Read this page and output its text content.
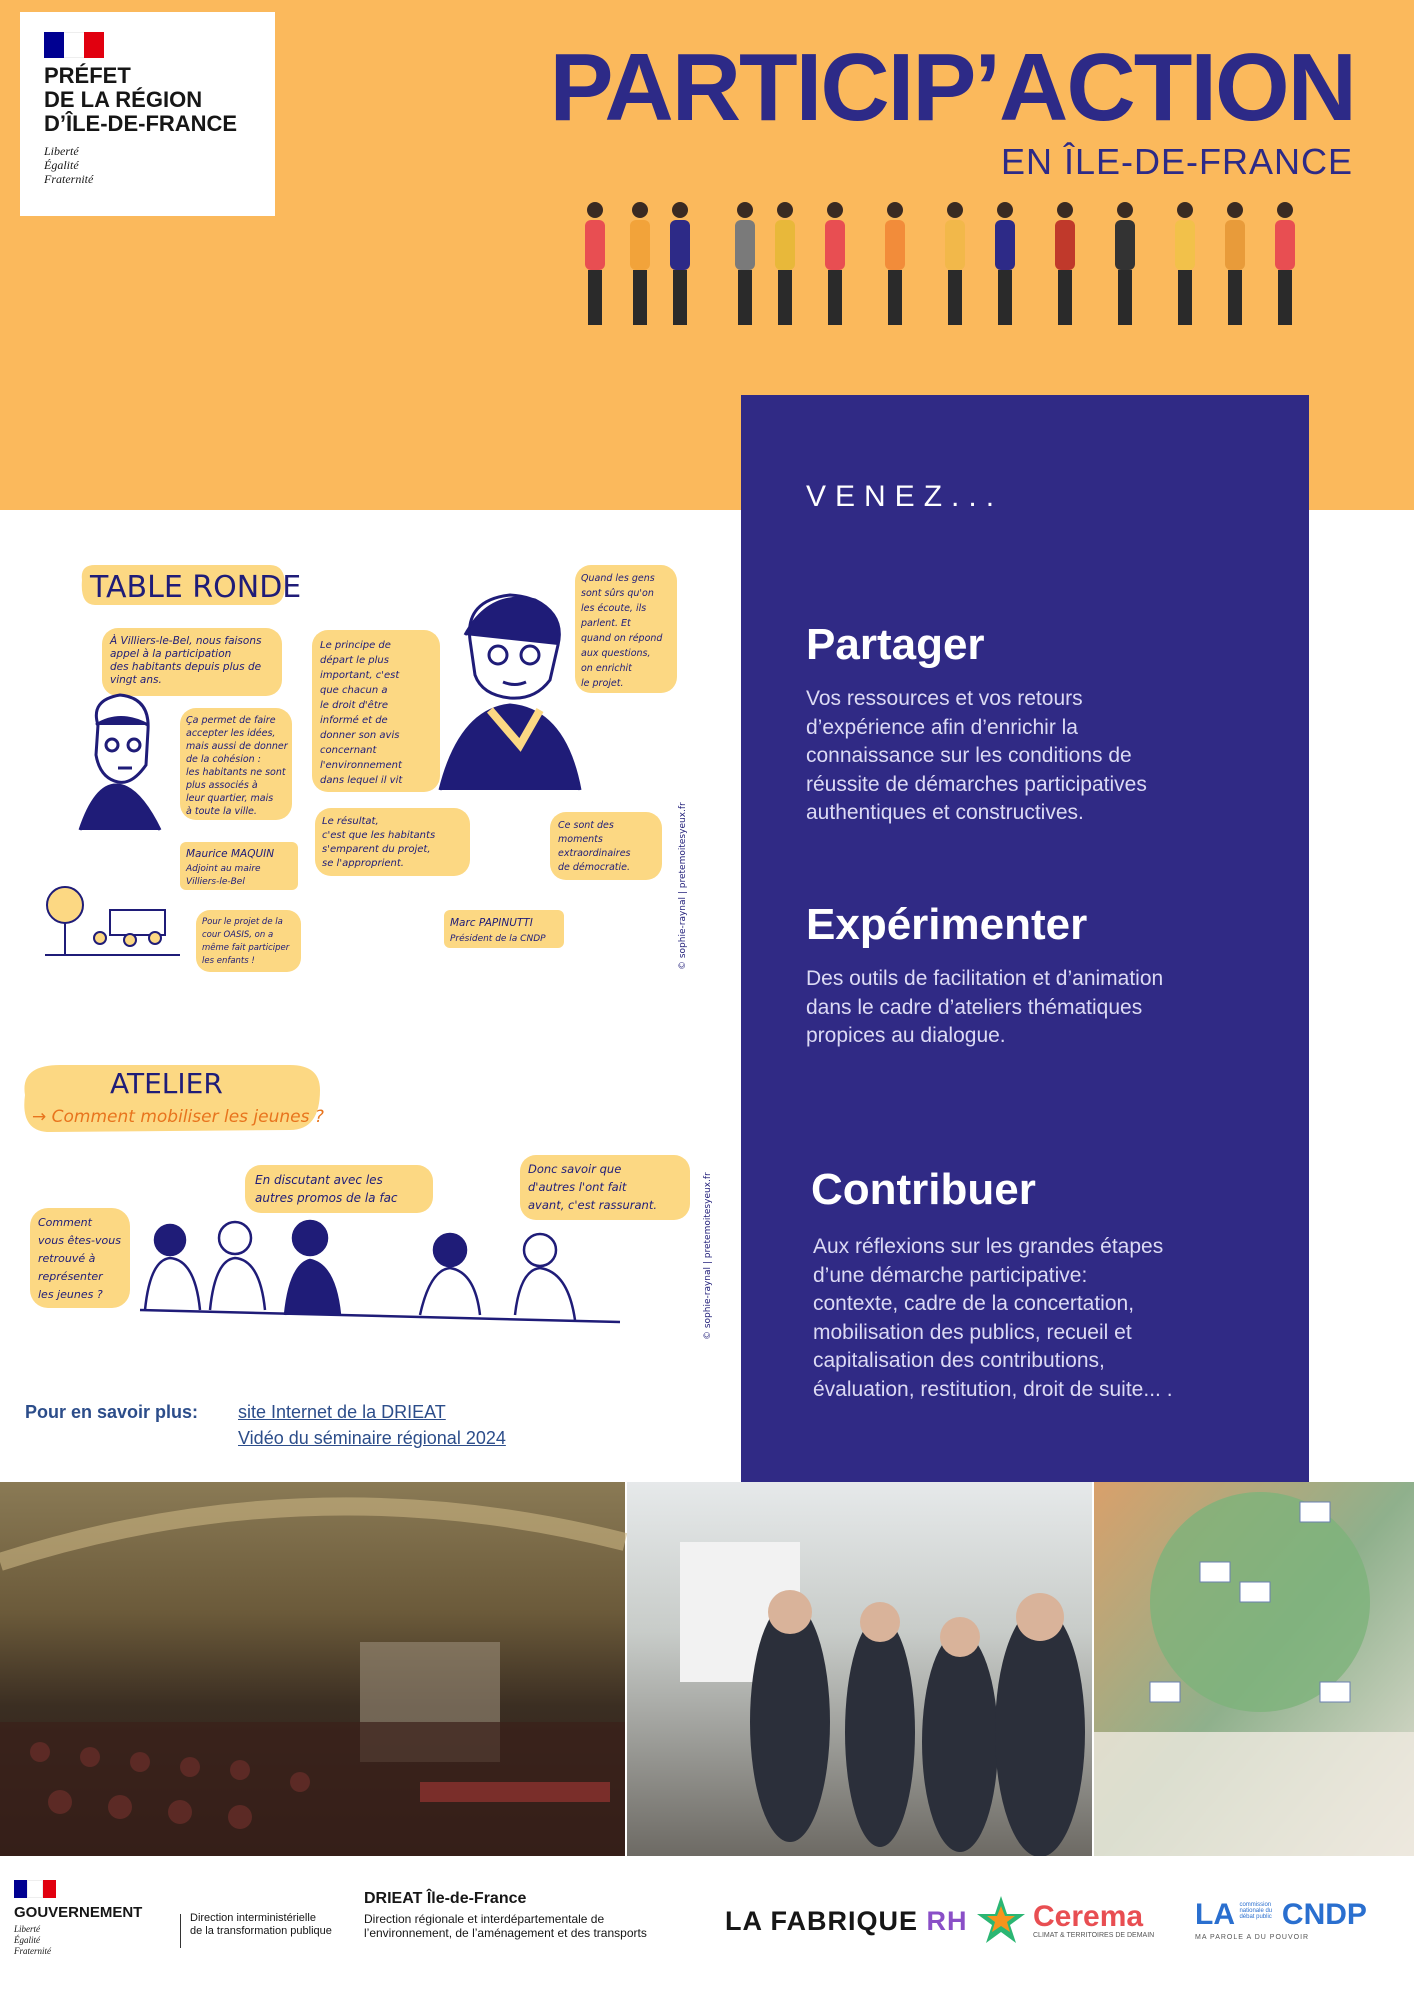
PRÉFET
DE LA RÉGION
D’ÎLE-DE-FRANCE
Liberté
Égalité
Fraternité
PARTICIP’ACTION
EN ÎLE-DE-FRANCE
VENEZ...
Partager
Vos ressources et vos retours
d’expérience afin d’enrichir la
connaissance sur les conditions de
réussite de démarches participatives
authentiques et constructives.
Expérimenter
Des outils de facilitation et d’animation
dans le cadre d’ateliers thématiques
propices au dialogue.
Contribuer
Aux réflexions sur les grandes étapes
d’une démarche participative:
contexte, cadre de la concertation,
mobilisation des publics, recueil et
capitalisation des contributions,
évaluation, restitution, droit de suite... .
TABLE RONDE
À Villiers-le-Bel, nous faisons
appel à la participation
des habitants depuis plus de
vingt ans.
Ça permet de faire
accepter les idées,
mais aussi de donner
de la cohésion :
les habitants ne sont
plus associés à
leur quartier, mais
à toute la ville.
Le principe de
départ le plus
important, c'est
que chacun a
le droit d'être
informé et de
donner son avis
concernant
l'environnement
dans lequel il vit
Quand les gens
sont sûrs qu'on
les écoute, ils
parlent. Et
quand on répond
aux questions,
on enrichit
le projet.
Le résultat,
c'est que les habitants
s'emparent du projet,
se l'approprient.
Ce sont des
moments
extraordinaires
de démocratie.
Pour le projet de la
cour OASIS, on a
même fait participer
les enfants !
Maurice MAQUIN
Adjoint au maire
Villiers-le-Bel
Marc PAPINUTTI
Président de la CNDP	© sophie-raynal | pretemoitesyeux.fr
ATELIER
→ Comment mobiliser les jeunes ?
Comment
vous êtes-vous
retrouvé à
représenter
les jeunes ?
En discutant avec les
autres promos de la fac
Donc savoir que
d'autres l'ont fait
avant, c'est rassurant.	© sophie-raynal | pretemoitesyeux.fr
Pour en savoir plus: site Internet de la DRIEAT
Vidéo du séminaire régional 2024
GOUVERNEMENT
Liberté
Égalité
Fraternité
Direction interministérielle
de la transformation publique
DRIEAT Île-de-France
Direction régionale et interdépartementale de
l’environnement, de l’aménagement et des transports	LA FABRIQUE RH Cerema
CLIMAT & TERRITOIRES DE DEMAIN
LA commission nationale du débat public CNDP
MA PAROLE A DU POUVOIR
